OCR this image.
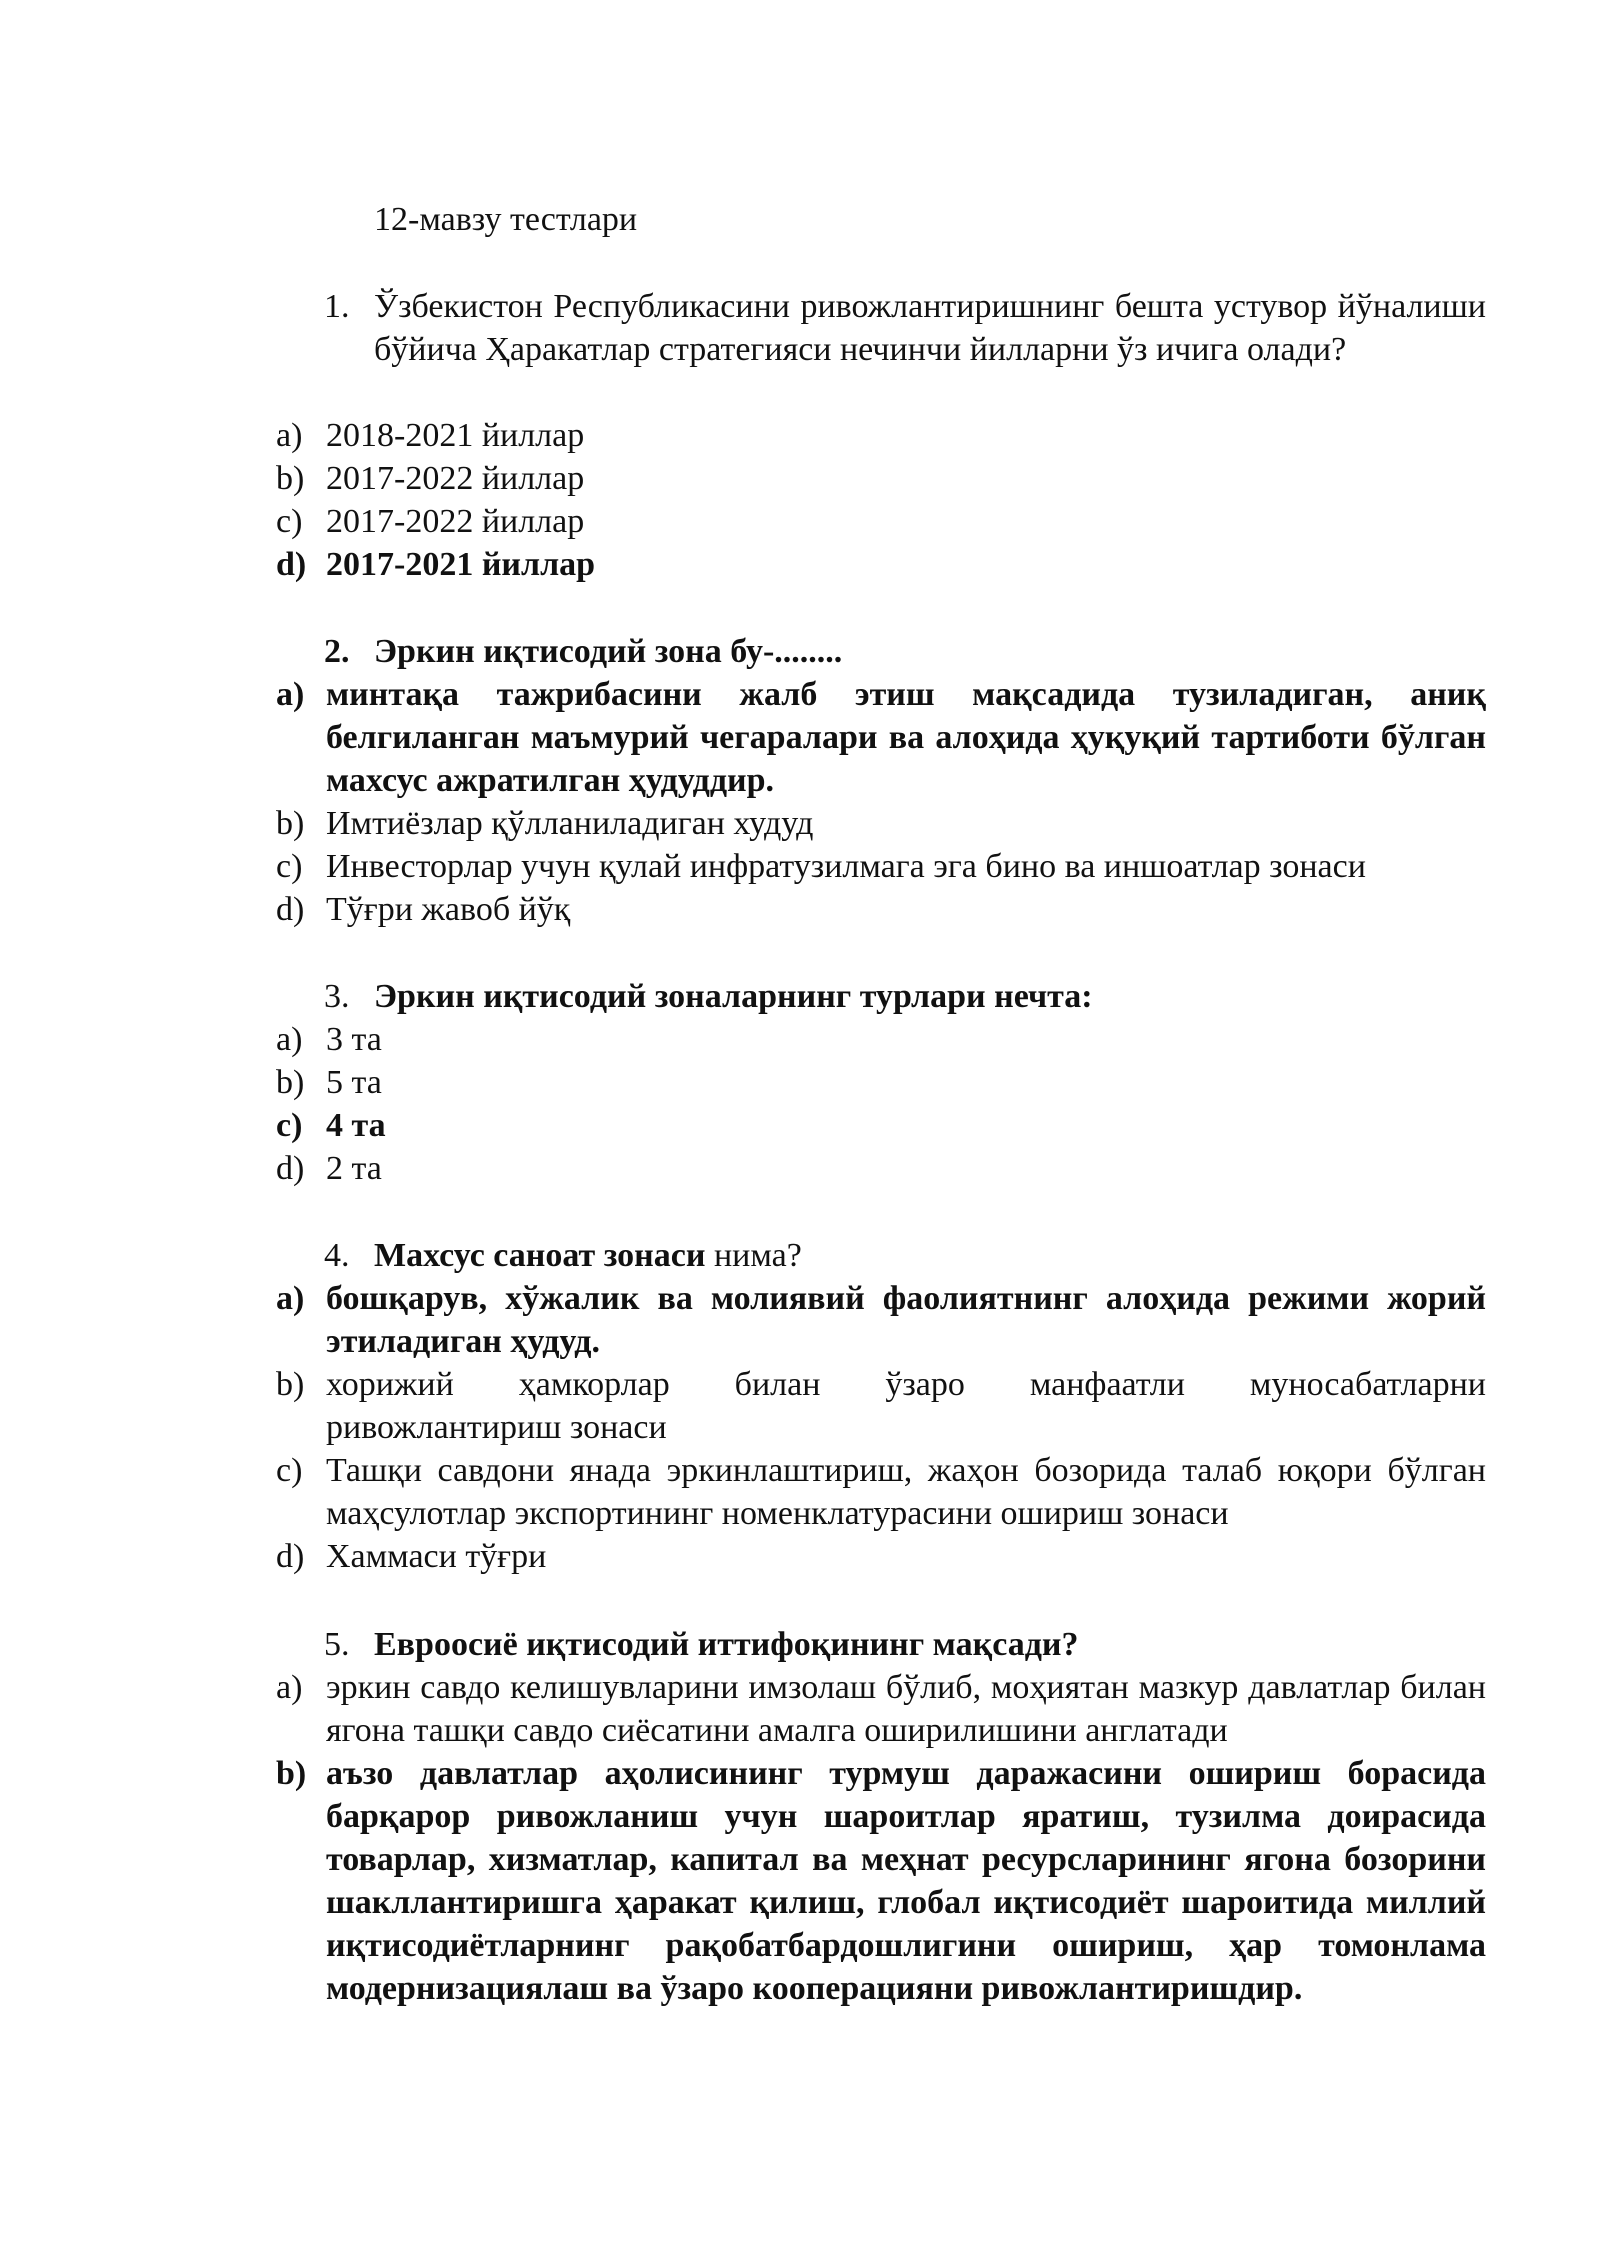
12-мавзу тестлари
1. Ўзбекистон Республикасини ривожлантиришнинг бешта устувор йўналиши бўйича Ҳаракатлар стратегияси нечинчи йилларни ўз ичига олади?
a) 2018-2021 йиллар
b) 2017-2022 йиллар
c) 2017-2022 йиллар
d) 2017-2021 йиллар
2. Эркин иқтисодий зона бу-........
a) минтақа тажрибасини жалб этиш мақсадида тузиладиган, аниқ белгиланган маъмурий чегаралари ва алоҳида ҳуқуқий тартиботи бўлган махсус ажратилган ҳудуддир.
b) Имтиёзлар қўлланиладиган худуд
c) Инвесторлар учун қулай инфратузилмага эга бино ва иншоатлар зонаси
d) Тўғри жавоб йўқ
3. Эркин иқтисодий зоналарнинг турлари нечта:
a) 3 та
b) 5 та
c) 4 та
d) 2 та
4. Махсус саноат зонаси нима?
a) бошқарув, хўжалик ва молиявий фаолиятнинг алоҳида режими жорий этиладиган ҳудуд.
b) хорижий ҳамкорлар билан ўзаро манфаатли муносабатларни
ривожлантириш зонаси
c) Ташқи савдони янада эркинлаштириш, жаҳон бозорида талаб юқори бўлган маҳсулотлар экспортининг номенклатурасини ошириш зонаси
d) Хаммаси тўғри
5. Евроосиё иқтисодий иттифоқининг мақсади?
a) эркин савдо келишувларини имзолаш бўлиб, моҳиятан мазкур давлатлар билан ягона ташқи савдо сиёсатини амалга оширилишини англатади
b) аъзо давлатлар аҳолисининг турмуш даражасини ошириш борасида барқарор ривожланиш учун шароитлар яратиш, тузилма доирасида товарлар, хизматлар, капитал ва меҳнат ресурсларининг ягона бозорини шакллантиришга ҳаракат қилиш, глобал иқтисодиёт шароитида миллий иқтисодиётларнинг рақобатбардошлигини ошириш, ҳар томонлама модернизациялаш ва ўзаро кооперацияни ривожлантиришдир.
